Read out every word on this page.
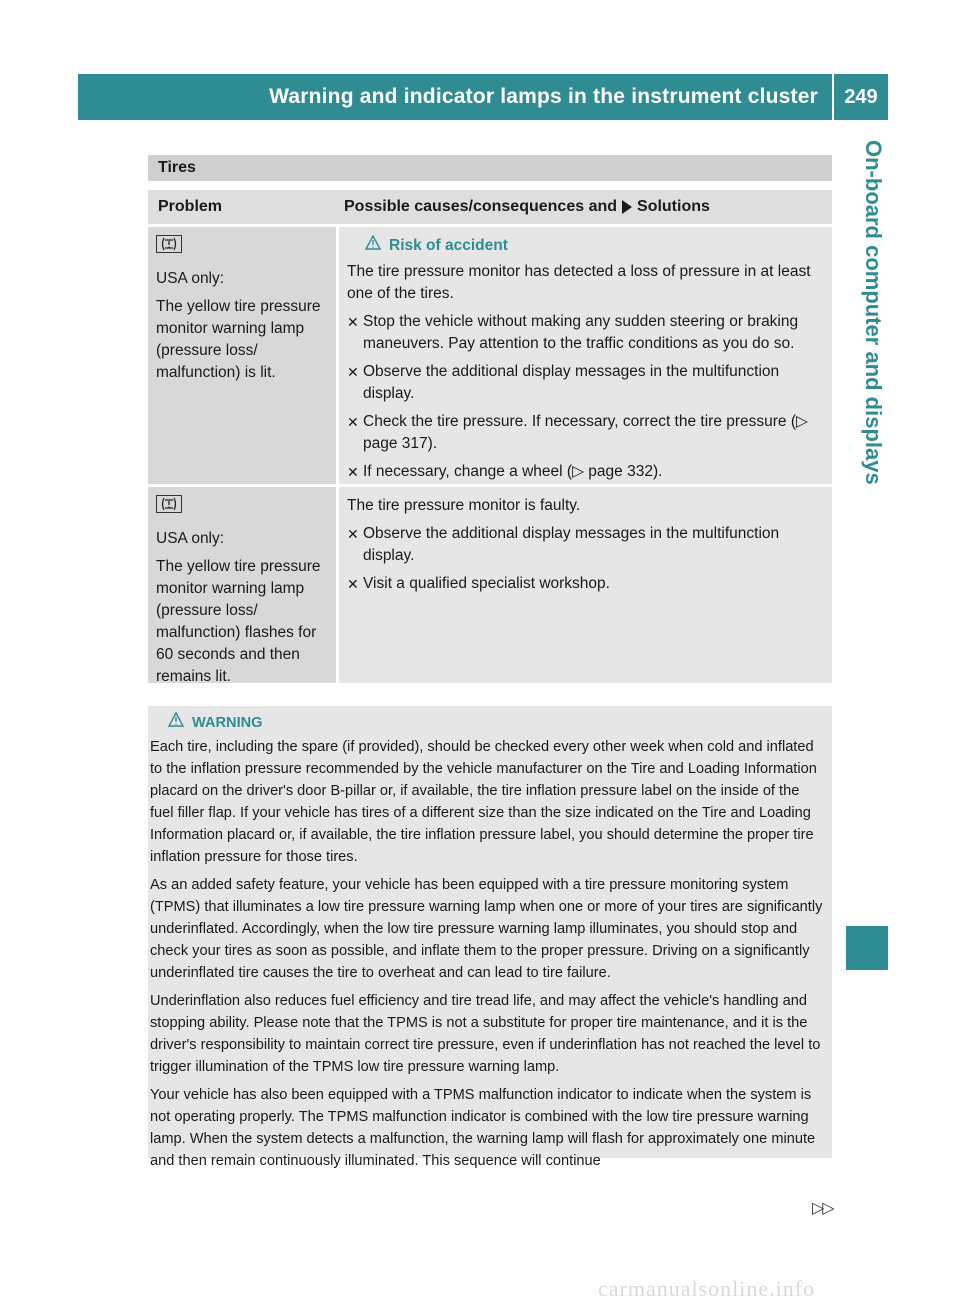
Warning and indicator lamps in the instrument cluster	249
On-board computer and displays
Tires
Problem	Possible causes/consequences and Solutions

USA only:

The yellow tire pressure monitor warning lamp (pressure loss/ malfunction) is lit.

Risk of accident

The tire pressure monitor has detected a loss of pressure in at least one of the tires.

✕ Stop the vehicle without making any sudden steering or braking maneuvers. Pay attention to the traffic conditions as you do so.
✕ Observe the additional display messages in the multifunction display.
✕ Check the tire pressure. If necessary, correct the tire pressure (▷ page 317).
✕ If necessary, change a wheel (▷ page 332).

USA only:

The yellow tire pressure monitor warning lamp (pressure loss/ malfunction) flashes for 60 seconds and then remains lit.

The tire pressure monitor is faulty.

✕ Observe the additional display messages in the multifunction display.
✕ Visit a qualified specialist workshop.
WARNING

Each tire, including the spare (if provided), should be checked every other week when cold and inflated to the inflation pressure recommended by the vehicle manufacturer on the Tire and Loading Information placard on the driver's door B-pillar or, if available, the tire inflation pressure label on the inside of the fuel filler flap. If your vehicle has tires of a different size than the size indicated on the Tire and Loading Information placard or, if available, the tire inflation pressure label, you should determine the proper tire inflation pressure for those tires.

As an added safety feature, your vehicle has been equipped with a tire pressure monitoring system (TPMS) that illuminates a low tire pressure warning lamp when one or more of your tires are significantly underinflated. Accordingly, when the low tire pressure warning lamp illuminates, you should stop and check your tires as soon as possible, and inflate them to the proper pressure. Driving on a significantly underinflated tire causes the tire to overheat and can lead to tire failure.

Underinflation also reduces fuel efficiency and tire tread life, and may affect the vehicle's handling and stopping ability. Please note that the TPMS is not a substitute for proper tire maintenance, and it is the driver's responsibility to maintain correct tire pressure, even if underinflation has not reached the level to trigger illumination of the TPMS low tire pressure warning lamp.

Your vehicle has also been equipped with a TPMS malfunction indicator to indicate when the system is not operating properly. The TPMS malfunction indicator is combined with the low tire pressure warning lamp. When the system detects a malfunction, the warning lamp will flash for approximately one minute and then remain continuously illuminated. This sequence will continue

▷▷
carmanualsonline.info
